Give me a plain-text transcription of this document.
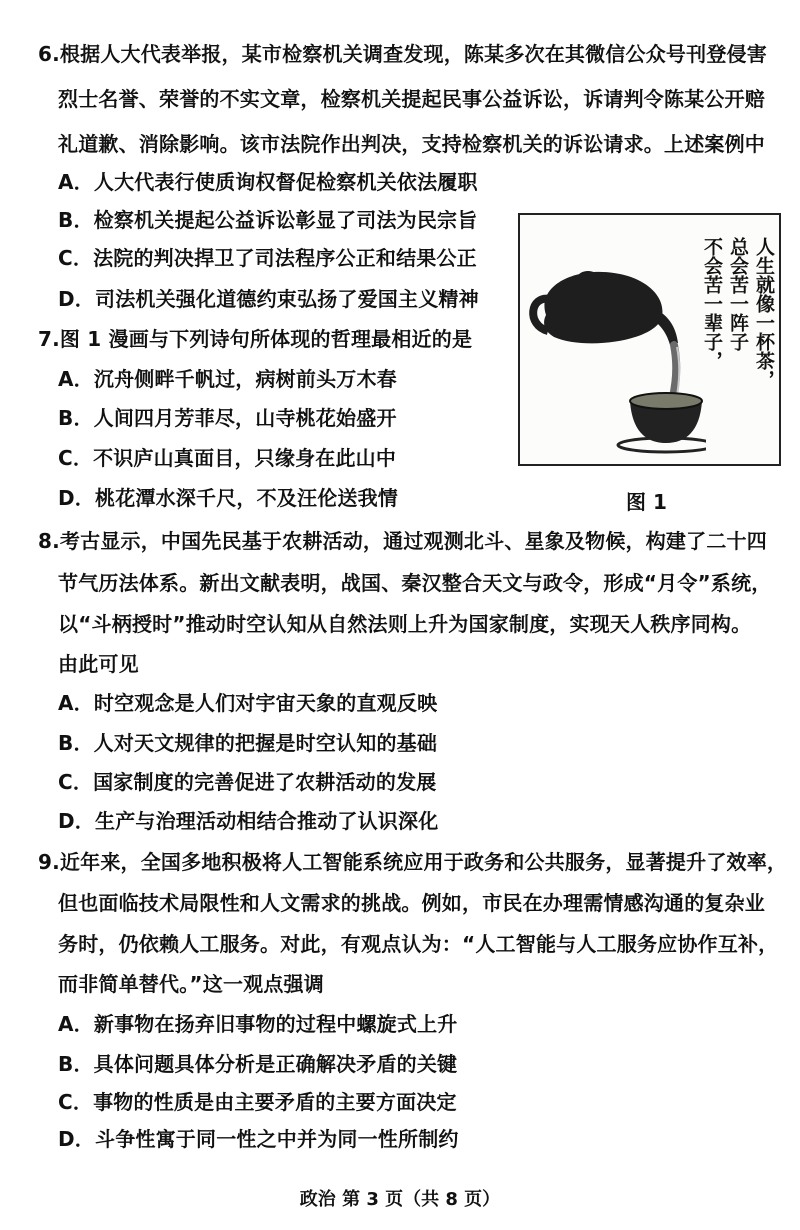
6.根据人大代表举报，某市检察机关调查发现，陈某多次在其微信公众号刊登侵害
烈士名誉、荣誉的不实文章，检察机关提起民事公益诉讼，诉请判令陈某公开赔
礼道歉、消除影响。该市法院作出判决，支持检察机关的诉讼请求。上述案例中
A．人大代表行使质询权督促检察机关依法履职
B．检察机关提起公益诉讼彰显了司法为民宗旨
C．法院的判决捍卫了司法程序公正和结果公正
D．司法机关强化道德约束弘扬了爱国主义精神
7.图 1 漫画与下列诗句所体现的哲理最相近的是
A．沉舟侧畔千帆过，病树前头万木春
B．人间四月芳菲尽，山寺桃花始盛开
C．不识庐山真面目，只缘身在此山中
D．桃花潭水深千尺，不及汪伦送我情
人生就像一杯茶，
总会苦一阵子
不会苦一辈子，
图 1
8.考古显示，中国先民基于农耕活动，通过观测北斗、星象及物候，构建了二十四
节气历法体系。新出文献表明，战国、秦汉整合天文与政令，形成“月令”系统，
以“斗柄授时”推动时空认知从自然法则上升为国家制度，实现天人秩序同构。
由此可见
A．时空观念是人们对宇宙天象的直观反映
B．人对天文规律的把握是时空认知的基础
C．国家制度的完善促进了农耕活动的发展
D．生产与治理活动相结合推动了认识深化
9.近年来，全国多地积极将人工智能系统应用于政务和公共服务，显著提升了效率，
但也面临技术局限性和人文需求的挑战。例如，市民在办理需情感沟通的复杂业
务时，仍依赖人工服务。对此，有观点认为：“人工智能与人工服务应协作互补，
而非简单替代。”这一观点强调
A．新事物在扬弃旧事物的过程中螺旋式上升
B．具体问题具体分析是正确解决矛盾的关键
C．事物的性质是由主要矛盾的主要方面决定
D．斗争性寓于同一性之中并为同一性所制约
政治 第 3 页（共 8 页）
